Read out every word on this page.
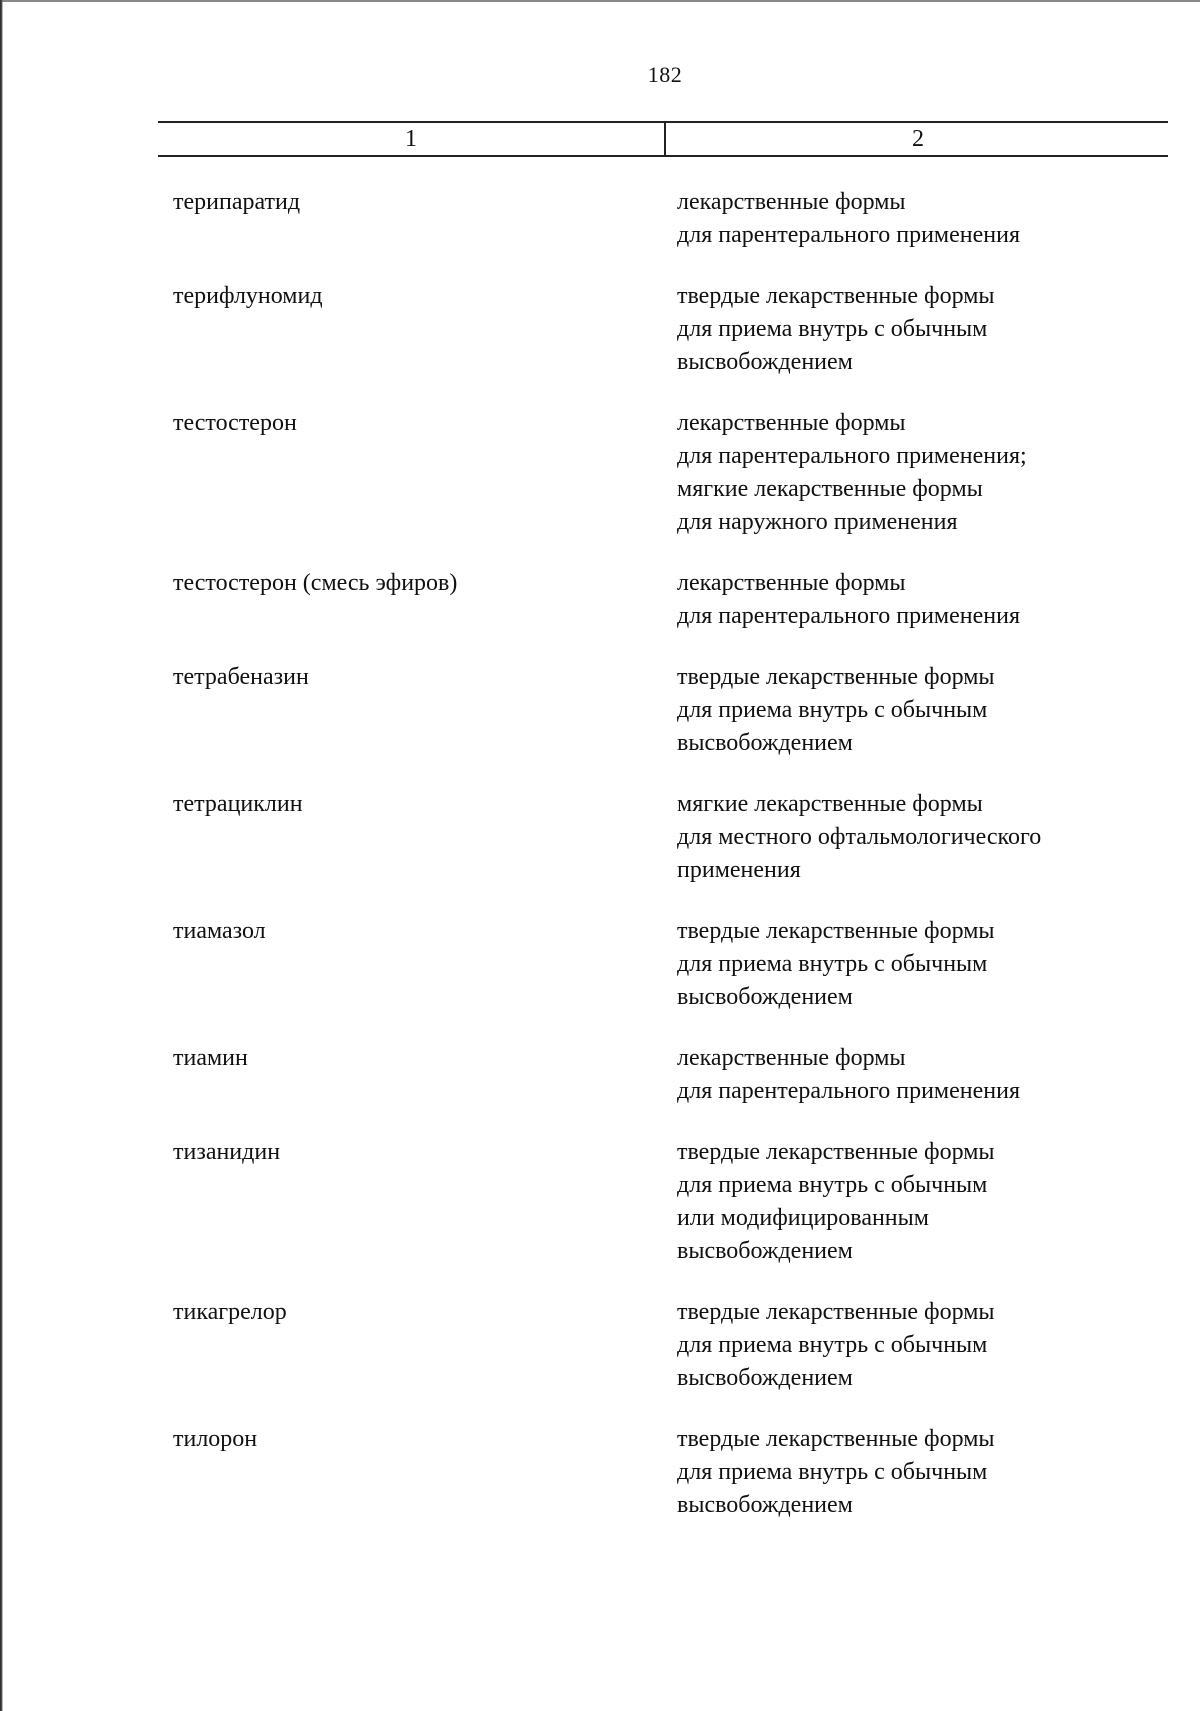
182
1	2
терипаратид	лекарственные формы
для парентерального применения
терифлуномид	твердые лекарственные формы
для приема внутрь с обычным
высвобождением
тестостерон	лекарственные формы
для парентерального применения;
мягкие лекарственные формы
для наружного применения
тестостерон (смесь эфиров)	лекарственные формы
для парентерального применения
тетрабеназин	твердые лекарственные формы
для приема внутрь с обычным
высвобождением
тетрациклин	мягкие лекарственные формы
для местного офтальмологического
применения
тиамазол	твердые лекарственные формы
для приема внутрь с обычным
высвобождением
тиамин	лекарственные формы
для парентерального применения
тизанидин	твердые лекарственные формы
для приема внутрь с обычным
или модифицированным
высвобождением
тикагрелор	твердые лекарственные формы
для приема внутрь с обычным
высвобождением
тилорон	твердые лекарственные формы
для приема внутрь с обычным
высвобождением
